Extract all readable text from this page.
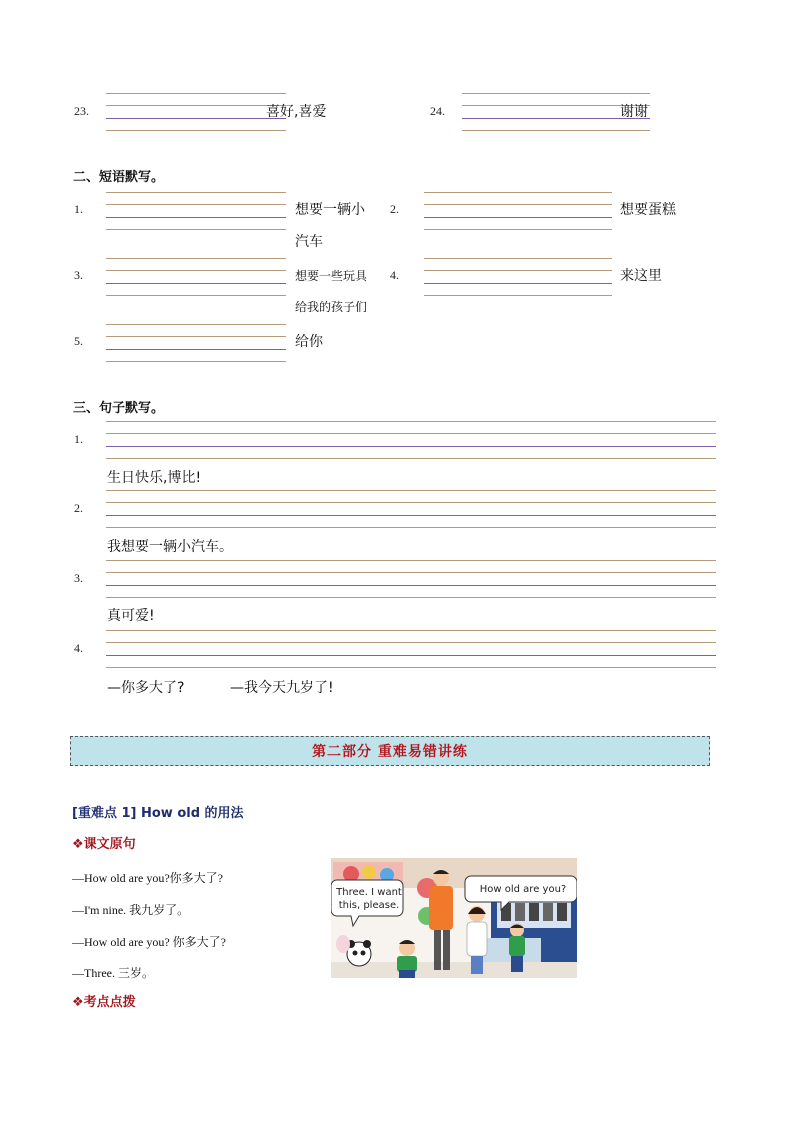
23.	喜好,喜爱	24.	谢谢
二、短语默写。
1.	想要一辆小
汽车
2.	想要蛋糕
3.	想要一些玩具
给我的孩子们
4.	来这里
5.	给你
三、句子默写。
1.
生日快乐,博比!
2.
我想要一辆小汽车。
3.
真可爱!
4.
—你多大了?	—我今天九岁了!
第二部分 重难易错讲练
[重难点 1] How old 的用法
❖课文原句
—How old are you?你多大了?
—I'm nine. 我九岁了。
—How old are you? 你多大了?
—Three. 三岁。
❖考点点拨
Three. I want
this, please.
How old are you?
